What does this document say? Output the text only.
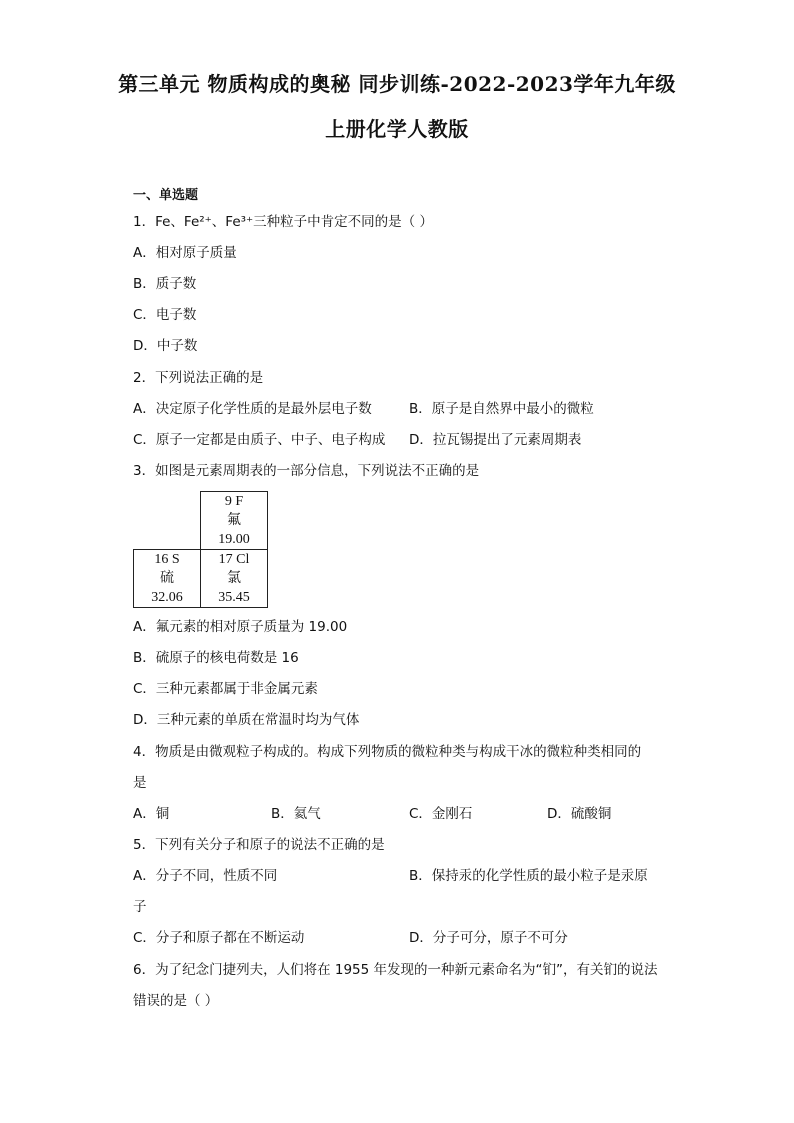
第三单元 物质构成的奥秘 同步训练-2022-2023学年九年级
上册化学人教版
一、单选题
1．Fe、Fe²⁺、Fe³⁺三种粒子中肯定不同的是（ ）
A．相对原子质量
B．质子数
C．电子数
D．中子数
2．下列说法正确的是
A．决定原子化学性质的是最外层电子数	B．原子是自然界中最小的微粒
C．原子一定都是由质子、中子、电子构成 D．拉瓦锡提出了元素周期表
3．如图是元素周期表的一部分信息，下列说法不正确的是

	9 F
氟
19.00

16 S
硫
32.06	17 Cl
氯
35.45
A．氟元素的相对原子质量为 19.00
B．硫原子的核电荷数是 16
C．三种元素都属于非金属元素
D．三种元素的单质在常温时均为气体
4．物质是由微观粒子构成的。构成下列物质的微粒种类与构成干冰的微粒种类相同的
是
A．铜	B．氦气	C．金刚石	D．硫酸铜
5．下列有关分子和原子的说法不正确的是
A．分子不同，性质不同	B．保持汞的化学性质的最小粒子是汞原
子
C．分子和原子都在不断运动	D．分子可分，原子不可分
6．为了纪念门捷列夫，人们将在 1955 年发现的一种新元素命名为“钔”，有关钔的说法
错误的是（ ）
